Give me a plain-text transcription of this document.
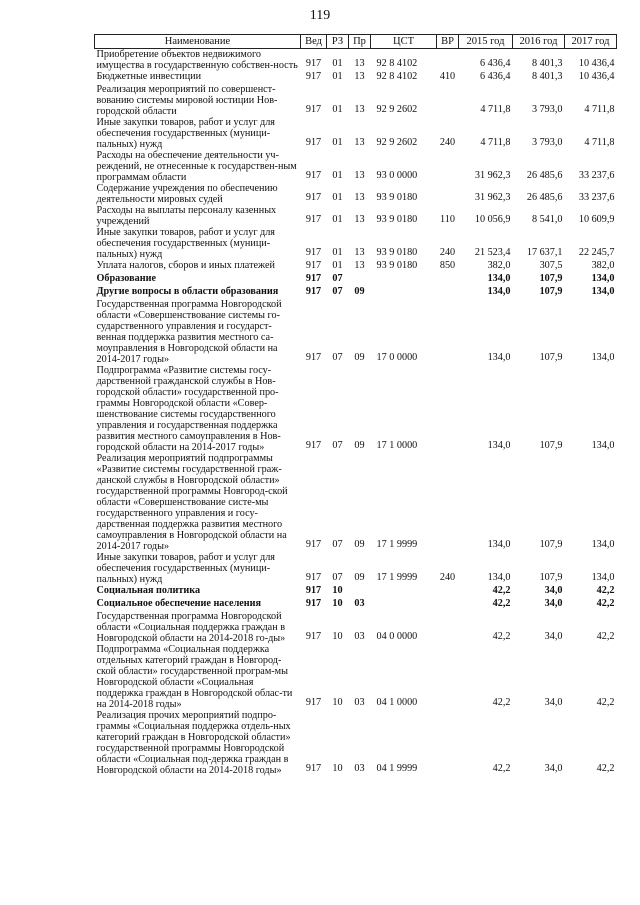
119
Наименование	Вед	РЗ	Пр	ЦСТ	ВР	2015 год	2016 год	2017 год
Приобретение объектов недвижимого имущества в государственную собствен-ность	917	01	13	92 8 4102		6 436,4	8 401,3	10 436,4
Бюджетные инвестиции	917	01	13	92 8 4102	410	6 436,4	8 401,3	10 436,4
Реализация мероприятий по совершенст-вованию системы мировой юстиции Нов-городской области	917	01	13	92 9 2602		4 711,8	3 793,0	4 711,8
Иные закупки товаров, работ и услуг для обеспечения государственных (муници-пальных) нужд	917	01	13	92 9 2602	240	4 711,8	3 793,0	4 711,8
Расходы на обеспечение деятельности уч-реждений, не отнесенные к государствен-ным программам области	917	01	13	93 0 0000		31 962,3	26 485,6	33 237,6
Содержание учреждения по обеспечению деятельности мировых судей	917	01	13	93 9 0180		31 962,3	26 485,6	33 237,6
Расходы на выплаты персоналу казенных учреждений	917	01	13	93 9 0180	110	10 056,9	8 541,0	10 609,9
Иные закупки товаров, работ и услуг для обеспечения государственных (муници-пальных) нужд	917	01	13	93 9 0180	240	21 523,4	17 637,1	22 245,7
Уплата налогов, сборов и иных платежей	917	01	13	93 9 0180	850	382,0	307,5	382,0
Образование	917	07				134,0	107,9	134,0
Другие вопросы в области образования	917	07	09			134,0	107,9	134,0
Государственная программа Новгородской области «Совершенствование системы го-сударственного управления и государст-венная поддержка развития местного са-моуправления в Новгородской области на 2014-2017 годы»	917	07	09	17 0 0000		134,0	107,9	134,0
Подпрограмма «Развитие системы госу-дарственной гражданской службы в Нов-городской области» государственной про-граммы Новгородской области «Совер-шенствование системы государственного управления и государственная поддержка развития местного самоуправления в Нов-городской области на 2014-2017 годы»	917	07	09	17 1 0000		134,0	107,9	134,0
Реализация мероприятий подпрограммы «Развитие системы государственной граж-данской службы в Новгородской области» государственной программы Новгород-ской области «Совершенствование систе-мы государственного управления и госу-дарственная поддержка развития местного самоуправления в Новгородской области на 2014-2017 годы»	917	07	09	17 1 9999		134,0	107,9	134,0
Иные закупки товаров, работ и услуг для обеспечения государственных (муници-пальных) нужд	917	07	09	17 1 9999	240	134,0	107,9	134,0
Социальная политика	917	10				42,2	34,0	42,2
Социальное обеспечение населения	917	10	03			42,2	34,0	42,2
Государственная программа Новгородской области «Социальная поддержка граждан в Новгородской области на 2014-2018 го-ды»	917	10	03	04 0 0000		42,2	34,0	42,2
Подпрограмма «Социальная поддержка отдельных категорий граждан в Новгород-ской области» государственной програм-мы Новгородской области «Социальная поддержка граждан в Новгородской облас-ти на 2014-2018 годы»	917	10	03	04 1 0000		42,2	34,0	42,2
Реализация прочих мероприятий подпро-граммы «Социальная поддержка отдель-ных категорий граждан в Новгородской области» государственной программы Новгородской области «Социальная под-держка граждан в Новгородской области на 2014-2018 годы»	917	10	03	04 1 9999		42,2	34,0	42,2
